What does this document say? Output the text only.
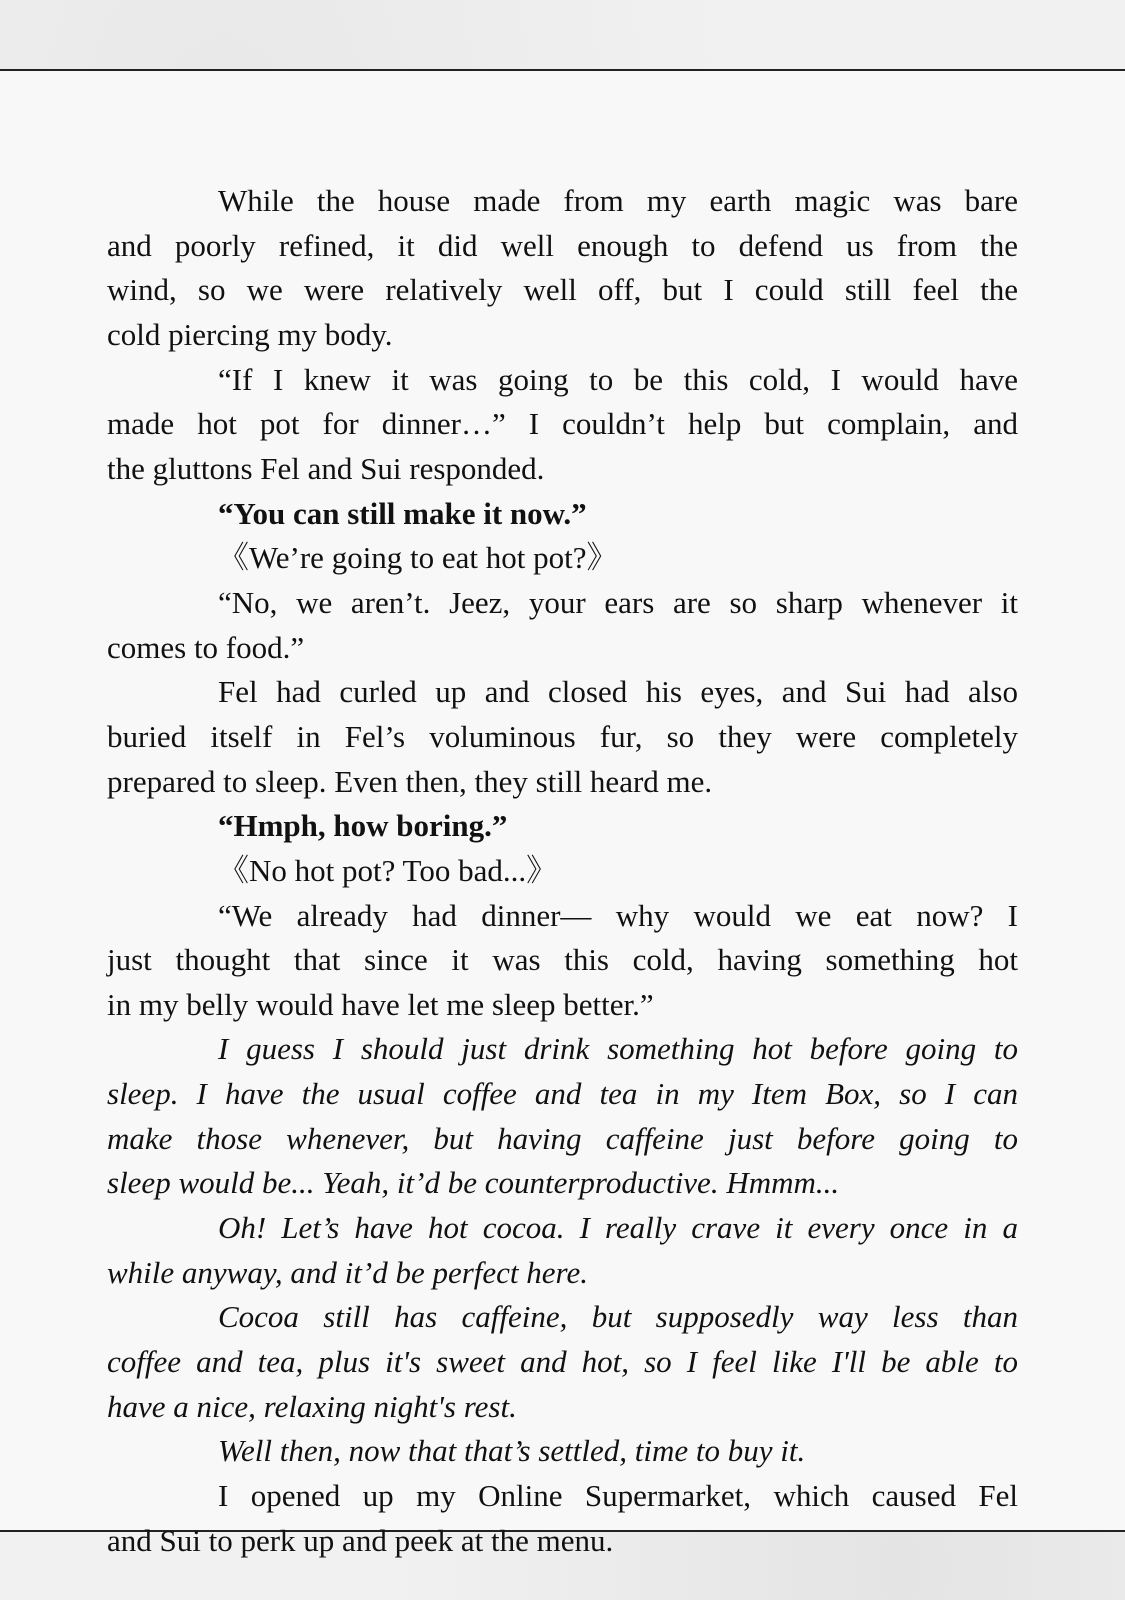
While the house made from my earth magic was bare
and poorly refined, it did well enough to defend us from the
wind, so we were relatively well off, but I could still feel the
cold piercing my body.
“If I knew it was going to be this cold, I would have
made hot pot for dinner…” I couldn’t help but complain, and
the gluttons Fel and Sui responded.
“You can still make it now.”
《We’re going to eat hot pot?》
“No, we aren’t. Jeez, your ears are so sharp whenever it
comes to food.”
Fel had curled up and closed his eyes, and Sui had also
buried itself in Fel’s voluminous fur, so they were completely
prepared to sleep. Even then, they still heard me.
“Hmph, how boring.”
《No hot pot? Too bad...》
“We already had dinner— why would we eat now? I
just thought that since it was this cold, having something hot
in my belly would have let me sleep better.”
I guess I should just drink something hot before going to
sleep. I have the usual coffee and tea in my Item Box, so I can
make those whenever, but having caffeine just before going to
sleep would be... Yeah, it’d be counterproductive. Hmmm...
Oh! Let’s have hot cocoa. I really crave it every once in a
while anyway, and it’d be perfect here.
Cocoa still has caffeine, but supposedly way less than
coffee and tea, plus it's sweet and hot, so I feel like I'll be able to
have a nice, relaxing night's rest.
Well then, now that that’s settled, time to buy it.
I opened up my Online Supermarket, which caused Fel
and Sui to perk up and peek at the menu.
